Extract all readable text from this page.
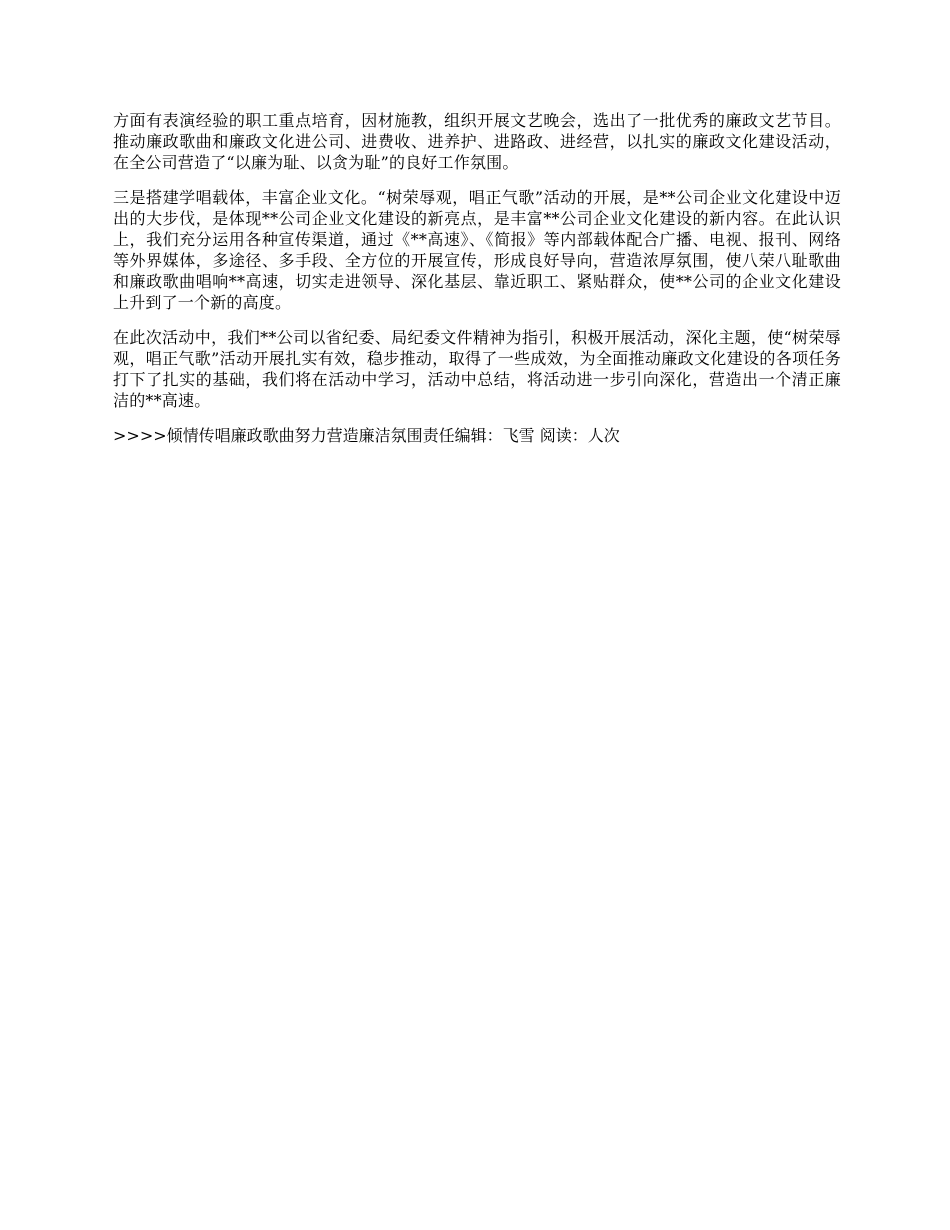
方面有表演经验的职工重点培育，因材施教，组织开展文艺晚会，选出了一批优秀的廉政文艺节目。推动廉政歌曲和廉政文化进公司、进费收、进养护、进路政、进经营，以扎实的廉政文化建设活动，在全公司营造了“以廉为耻、以贪为耻”的良好工作氛围。

三是搭建学唱载体，丰富企业文化。“树荣辱观，唱正气歌”活动的开展，是**公司企业文化建设中迈出的大步伐，是体现**公司企业文化建设的新亮点，是丰富**公司企业文化建设的新内容。在此认识上，我们充分运用各种宣传渠道，通过《**高速》、《简报》等内部载体配合广播、电视、报刊、网络等外界媒体，多途径、多手段、全方位的开展宣传，形成良好导向，营造浓厚氛围，使八荣八耻歌曲和廉政歌曲唱响**高速，切实走进领导、深化基层、靠近职工、紧贴群众，使**公司的企业文化建设上升到了一个新的高度。

在此次活动中，我们**公司以省纪委、局纪委文件精神为指引，积极开展活动，深化主题，使“树荣辱观，唱正气歌”活动开展扎实有效，稳步推动，取得了一些成效，为全面推动廉政文化建设的各项任务打下了扎实的基础，我们将在活动中学习，活动中总结，将活动进一步引向深化，营造出一个清正廉洁的**高速。

>>>>倾情传唱廉政歌曲努力营造廉洁氛围责任编辑：飞雪 阅读：人次
